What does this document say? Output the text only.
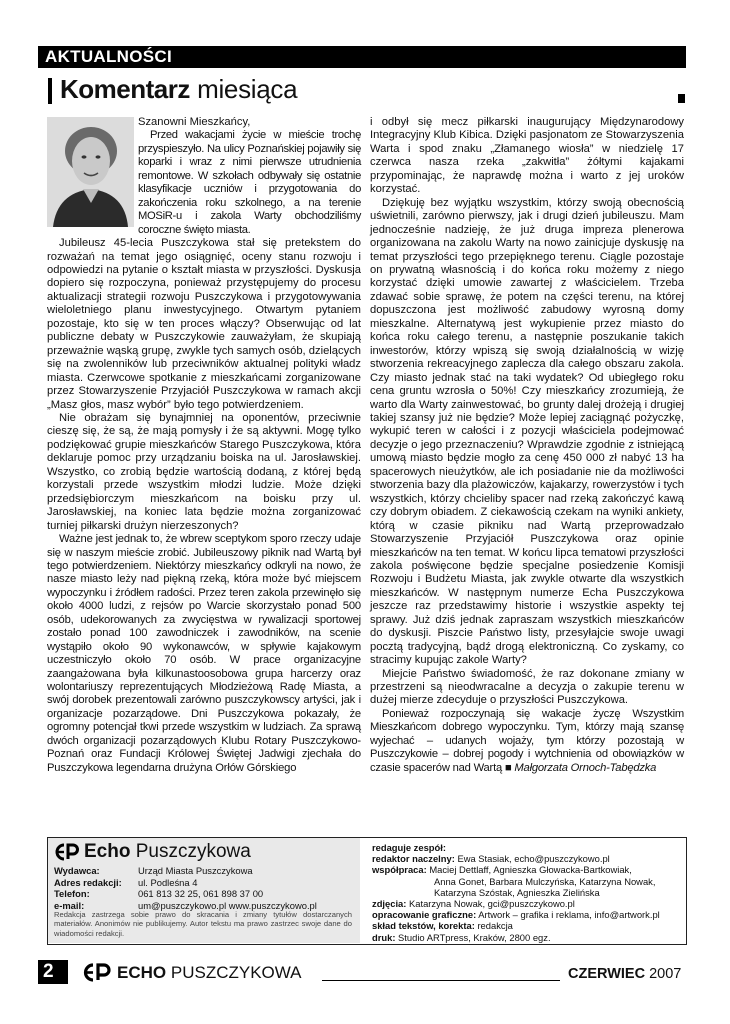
AKTUALNOŚCI
Komentarz miesiąca

Szanowni Mieszkańcy,

Przed wakacjami życie w mieście trochę przyspieszyło. Na ulicy Poznańskiej pojawiły się koparki i wraz z nimi pierwsze utrudnienia remontowe. W szkołach odbywały się ostatnie klasyfikacje uczniów i przygotowania do zakończenia roku szkolnego, a na terenie MOSiR-u i zakola Warty obchodziliśmy coroczne święto miasta.

Jubileusz 45-lecia Puszczykowa stał się pretekstem do rozważań na temat jego osiągnięć, oceny stanu rozwoju i odpowiedzi na pytanie o kształt miasta w przyszłości. Dyskusja dopiero się rozpoczyna, ponieważ przystępujemy do procesu aktualizacji strategii rozwoju Puszczykowa i przygotowywania wieloletniego planu inwestycyjnego. Otwartym pytaniem pozostaje, kto się w ten proces włączy? Obserwując od lat publiczne debaty w Puszczykowie zauważyłam, że skupiają przeważnie wąską grupę, zwykle tych samych osób, dzielących się na zwolenników lub przeciwników aktualnej polityki władz miasta. Czerwcowe spotkanie z mieszkańcami zorganizowane przez Stowarzyszenie Przyjaciół Puszczykowa w ramach akcji „Masz głos, masz wybór” było tego potwierdzeniem.

Nie obrażam się bynajmniej na oponentów, przeciwnie cieszę się, że są, że mają pomysły i że są aktywni. Mogę tylko podziękować grupie mieszkańców Starego Puszczykowa, która deklaruje pomoc przy urządzaniu boiska na ul. Jarosławskiej. Wszystko, co zrobią będzie wartością dodaną, z której będą korzystali przede wszystkim młodzi ludzie. Może dzięki przedsiębiorczym mieszkańcom na boisku przy ul. Jarosławskiej, na koniec lata będzie można zorganizować turniej piłkarski drużyn nierzeszonych?

Ważne jest jednak to, że wbrew sceptykom sporo rzeczy udaje się w naszym mieście zrobić. Jubileuszowy piknik nad Wartą był tego potwierdzeniem. Niektórzy mieszkańcy odkryli na nowo, że nasze miasto leży nad piękną rzeką, która może być miejscem wypoczynku i źródłem radości. Przez teren zakola przewinęło się około 4000 ludzi, z rejsów po Warcie skorzystało ponad 500 osób, udekorowanych za zwycięstwa w rywalizacji sportowej zostało ponad 100 zawodniczek i zawodników, na scenie wystąpiło około 90 wykonawców, w spływie kajakowym uczestniczyło około 70 osób. W prace organizacyjne zaangażowana była kilkunastoosobowa grupa harcerzy oraz wolontariuszy reprezentujących Młodzieżową Radę Miasta, a swój dorobek prezentowali zarówno puszczykowscy artyści, jak i organizacje pozarządowe. Dni Puszczykowa pokazały, że ogromny potencjał tkwi przede wszystkim w ludziach. Za sprawą dwóch organizacji pozarządowych Klubu Rotary Puszczykowo-Poznań oraz Fundacji Królowej Świętej Jadwigi zjechała do Puszczykowa legendarna drużyna Orłów Górskiego

i odbył się mecz piłkarski inaugurujący Międzynarodowy Integracyjny Klub Kibica. Dzięki pasjonatom ze Stowarzyszenia Warta i spod znaku „Złamanego wiosła” w niedzielę 17 czerwca nasza rzeka „zakwitła” żółtymi kajakami przypominając, że naprawdę można i warto z jej uroków korzystać.

Dziękuję bez wyjątku wszystkim, którzy swoją obecnością uświetnili, zarówno pierwszy, jak i drugi dzień jubileuszu. Mam jednocześnie nadzieję, że już druga impreza plenerowa organizowana na zakolu Warty na nowo zainicjuje dyskusję na temat przyszłości tego przepięknego terenu. Ciągle pozostaje on prywatną własnością i do końca roku możemy z niego korzystać dzięki umowie zawartej z właścicielem. Trzeba zdawać sobie sprawę, że potem na części terenu, na której dopuszczona jest możliwość zabudowy wyrosną domy mieszkalne. Alternatywą jest wykupienie przez miasto do końca roku całego terenu, a następnie poszukanie takich inwestorów, którzy wpiszą się swoją działalnością w wizję stworzenia rekreacyjnego zaplecza dla całego obszaru zakola. Czy miasto jednak stać na taki wydatek? Od ubiegłego roku cena gruntu wzrosła o 50%! Czy mieszkańcy zrozumieją, że warto dla Warty zainwestować, bo grunty dalej drożeją i drugiej takiej szansy już nie będzie? Może lepiej zaciągnąć pożyczkę, wykupić teren w całości i z pozycji właściciela podejmować decyzje o jego przeznaczeniu? Wprawdzie zgodnie z istniejącą umową miasto będzie mogło za cenę 450 000 zł nabyć 13 ha spacerowych nieużytków, ale ich posiadanie nie da możliwości stworzenia bazy dla plażowiczów, kajakarzy, rowerzystów i tych wszystkich, którzy chcieliby spacer nad rzeką zakończyć kawą czy dobrym obiadem. Z ciekawością czekam na wyniki ankiety, którą w czasie pikniku nad Wartą przeprowadzało Stowarzyszenie Przyjaciół Puszczykowa oraz opinie mieszkańców na ten temat. W końcu lipca tematowi przyszłości zakola poświęcone będzie specjalne posiedzenie Komisji Rozwoju i Budżetu Miasta, jak zwykle otwarte dla wszystkich mieszkańców. W następnym numerze Echa Puszczykowa jeszcze raz przedstawimy historie i wszystkie aspekty tej sprawy. Już dziś jednak zapraszam wszystkich mieszkańców do dyskusji. Piszcie Państwo listy, przesyłajcie swoje uwagi pocztą tradycyjną, bądź drogą elektroniczną. Co zyskamy, co stracimy kupując zakole Warty?

Miejcie Państwo świadomość, że raz dokonane zmiany w przestrzeni są nieodwracalne a decyzja o zakupie terenu w dużej mierze zdecyduje o przyszłości Puszczykowa.

Ponieważ rozpoczynają się wakacje życzę Wszystkim Mieszkańcom dobrego wypoczynku. Tym, którzy mają szansę wyjechać – udanych wojaży, tym którzy pozostają w Puszczykowie – dobrej pogody i wytchnienia od obowiązków w czasie spacerów nad Wartą ■ Małgorzata Ornoch-Tabędzka

Echo Puszczykowa
Wydawca:	Urząd Miasta Puszczykowa
Adres redakcji:	ul. Podleśna 4
Telefon:	061 813 32 25, 061 898 37 00
e-mail:	um@puszczykowo.pl www.puszczykowo.pl
Redakcja zastrzega sobie prawo do skracania i zmiany tytułów dostarczanych materiałów. Anonimów nie publikujemy. Autor tekstu ma prawo zastrzec swoje dane do wiadomości redakcji.
redaguje zespół:
redaktor naczelny: Ewa Stasiak, echo@puszczykowo.pl
współpraca: Maciej Dettlaff, Agnieszka Głowacka-Bartkowiak,
Anna Gonet, Barbara Mulczyńska, Katarzyna Nowak,
Katarzyna Szóstak, Agnieszka Zielińska
zdjęcia: Katarzyna Nowak, gci@puszczykowo.pl
opracowanie graficzne: Artwork – grafika i reklama, info@artwork.pl
skład tekstów, korekta: redakcja
druk: Studio ARTpress, Kraków, 2800 egz.
2	ECHO PUSZCZYKOWA	CZERWIEC 2007
